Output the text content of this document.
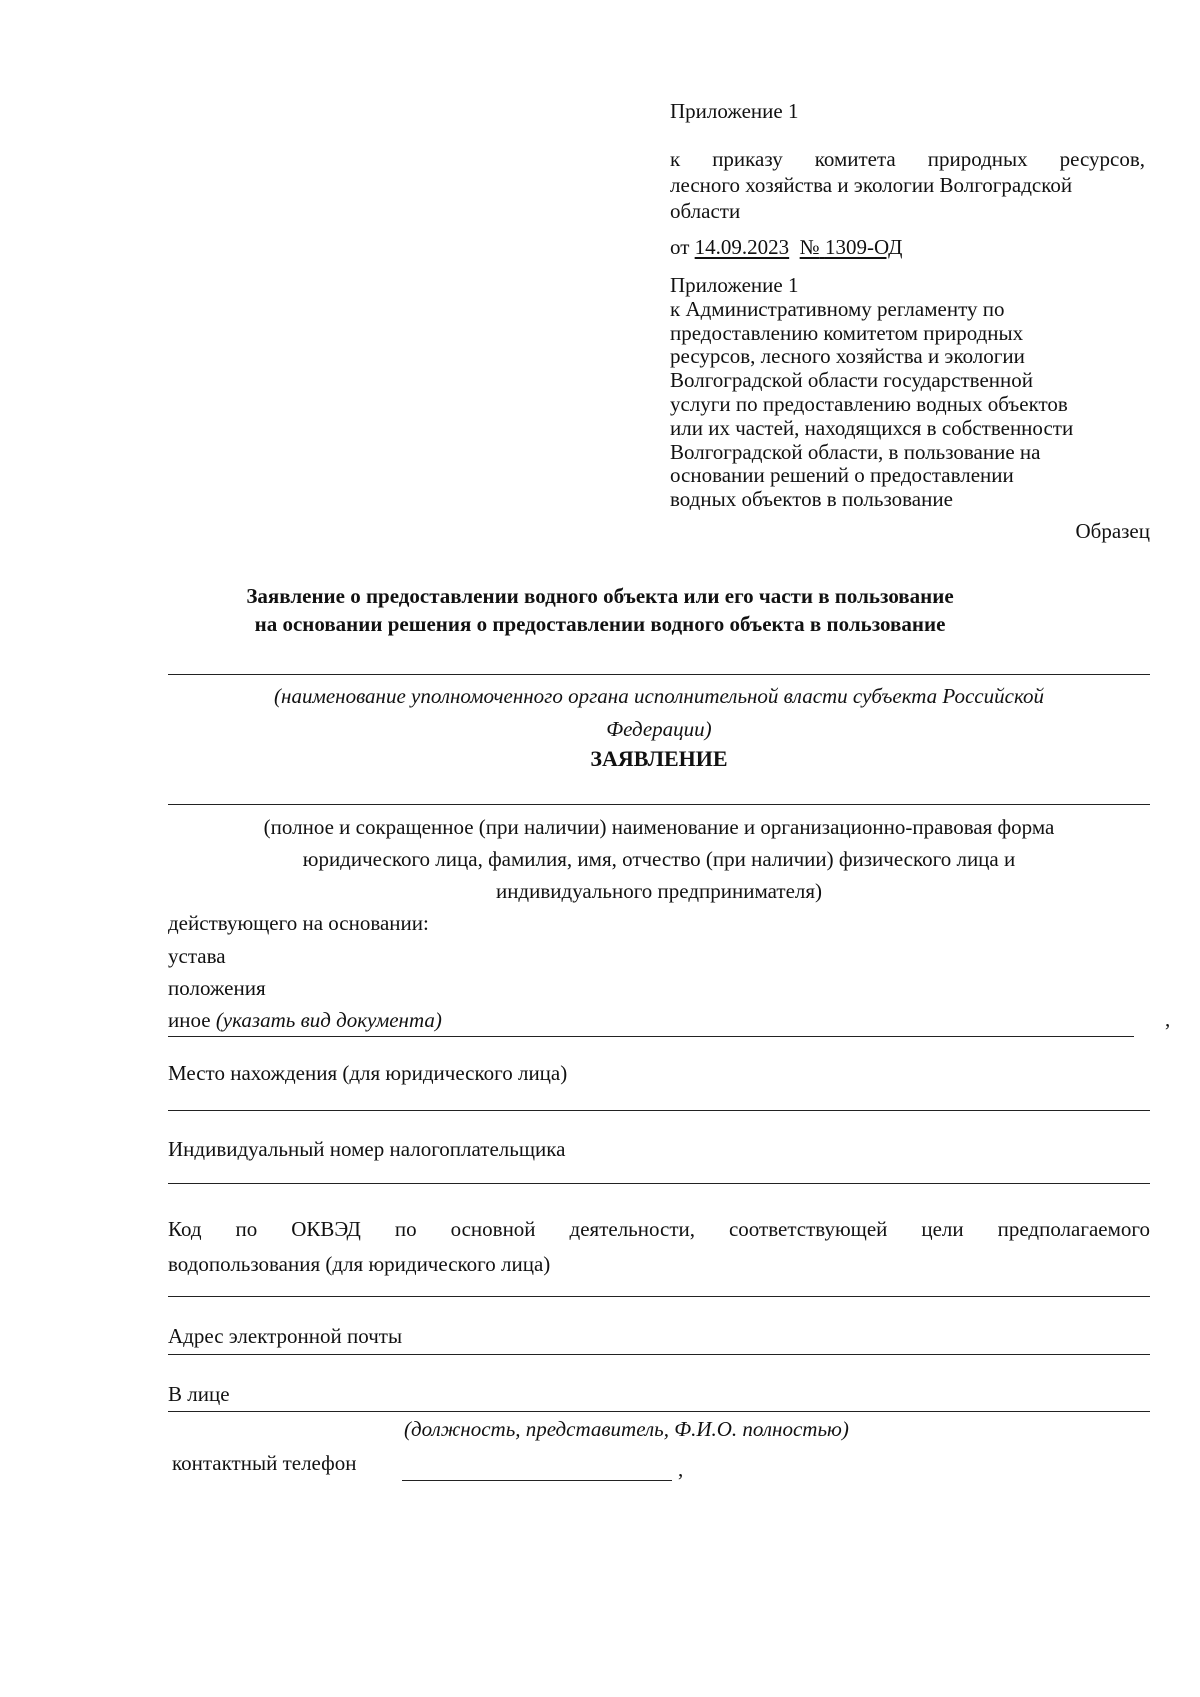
Приложение 1
к приказу комитета природных ресурсов,
лесного хозяйства и экологии Волгоградской
области
от 14.09.2023 № 1309-ОД
Приложение 1
к Административному регламенту по
предоставлению комитетом природных
ресурсов, лесного хозяйства и экологии
Волгоградской области государственной
услуги по предоставлению водных объектов
или их частей, находящихся в собственности
Волгоградской области, в пользование на
основании решений о предоставлении
водных объектов в пользование
Образец
Заявление о предоставлении водного объекта или его части в пользование
на основании решения о предоставлении водного объекта в пользование
(наименование уполномоченного органа исполнительной власти субъекта Российской
Федерации)
ЗАЯВЛЕНИЕ
(полное и сокращенное (при наличии) наименование и организационно-правовая форма
юридического лица, фамилия, имя, отчество (при наличии) физического лица и
индивидуального предпринимателя)
действующего на основании:
устава
положения
иное (указать вид документа)	,
Место нахождения (для юридического лица)
Индивидуальный номер налогоплательщика
Код по ОКВЭД по основной деятельности, соответствующей цели предполагаемого
водопользования (для юридического лица)
Адрес электронной почты
В лице
(должность, представитель, Ф.И.О. полностью)
контактный телефон	,
